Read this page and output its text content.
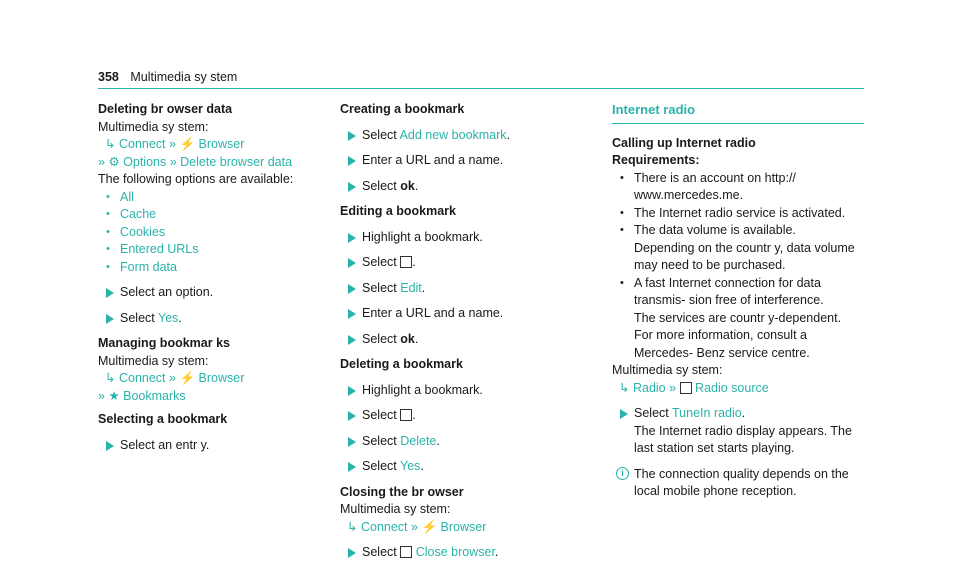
358 Multimedia sy stem
Deleting br owser data
Multimedia sy stem:
↳ Connect » ⚡ Browser
» ⚙ Options » Delete browser data
The following options are available:
• All
• Cache
• Cookies
• Entered URLs
• Form data
Select an option.
Select Yes.
Managing bookmar ks
Multimedia sy stem:
↳ Connect » ⚡ Browser
» ★ Bookmarks
Selecting a bookmark
Select an entr y.
Creating a bookmark
Select Add new bookmark.
Enter a URL and a name.
Select ok.
Editing a bookmark
Highlight a bookmark.
Select .
Select Edit.
Enter a URL and a name.
Select ok.
Deleting a bookmark
Highlight a bookmark.
Select .
Select Delete.
Select Yes.
Closing the br owser
Multimedia sy stem:
↳ Connect » ⚡ Browser
Select Close browser.
Internet radio
Calling up Internet radio
Requirements:
• There is an account on http:// www.mercedes.me.
• The Internet radio service is activated.
• The data volume is available.
Depending on the countr y, data volume may need to be purchased.
• A fast Internet connection for data transmis- sion free of interference.
The services are countr y-dependent.
For more information, consult a Mercedes- Benz service centre.
Multimedia sy stem:
↳ Radio » Radio source
Select TuneIn radio.
The Internet radio display appears. The last station set starts playing.
i The connection quality depends on the local mobile phone reception.
